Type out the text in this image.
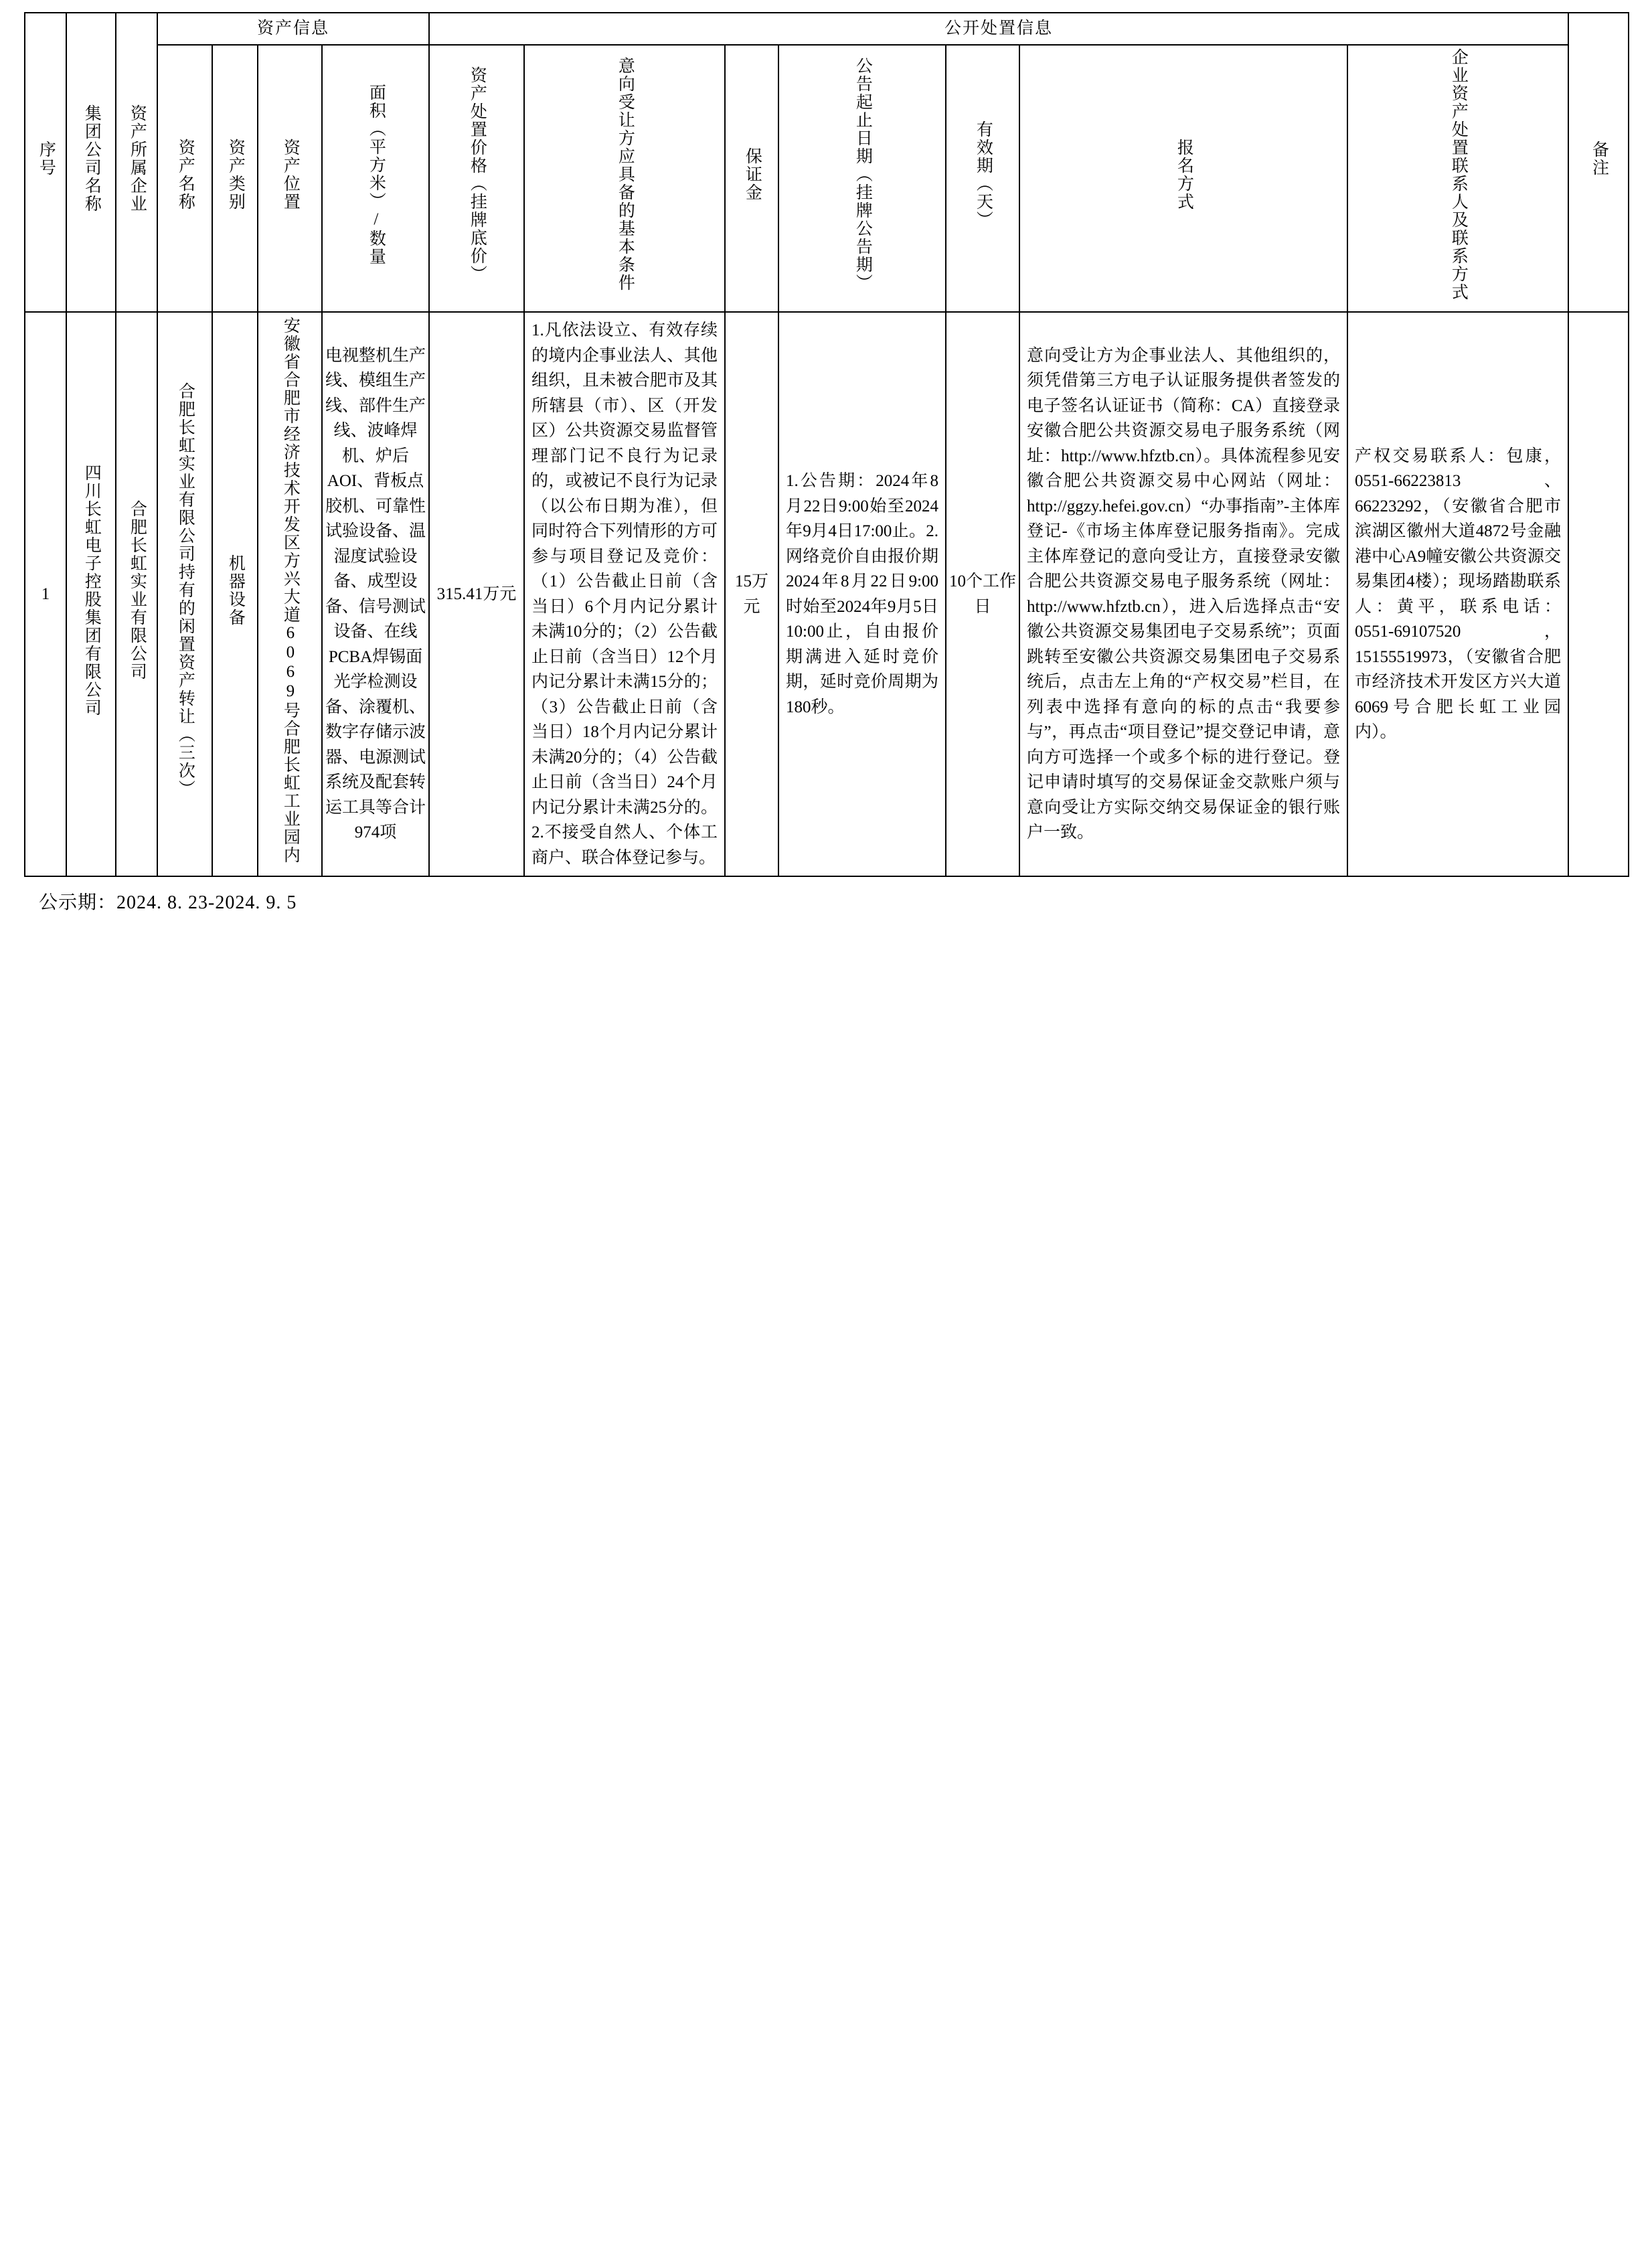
序号	集团公司名称	资产所属企业	资产信息				公开处置信息							备注
			资产名称	资产类别	资产位置	面积（平方米）/数量	资产处置价格（挂牌底价）	意向受让方应具备的基本条件	保证金	公告起止日期（挂牌公告期）	有效期（天）	报名方式	企业资产处置联系人及联系方式	
1	四川长虹电子控股集团有限公司	合肥长虹实业有限公司	合肥长虹实业有限公司持有的闲置资产转让（三次）	机器设备	安徽省合肥市经济技术开发区方兴大道6069号合肥长虹工业园内	电视整机生产线、模组生产线、部件生产线、波峰焊机、炉后AOI、背板点胶机、可靠性试验设备、温湿度试验设备、成型设备、信号测试设备、在线PCBA焊锡面光学检测设备、涂覆机、数字存储示波器、电源测试系统及配套转运工具等合计974项	315.41万元	1.凡依法设立、有效存续的境内企事业法人、其他组织，且未被合肥市及其所辖县（市）、区（开发区）公共资源交易监督管理部门记不良行为记录的，或被记不良行为记录（以公布日期为准），但同时符合下列情形的方可参与项目登记及竞价：（1）公告截止日前（含当日）6个月内记分累计未满10分的；（2）公告截止日前（含当日）12个月内记分累计未满15分的；（3）公告截止日前（含当日）18个月内记分累计未满20分的；（4）公告截止日前（含当日）24个月内记分累计未满25分的。2.不接受自然人、个体工商户、联合体登记参与。	15万元	1.公告期：2024年8月22日9:00始至2024年9月4日17:00止。2.网络竞价自由报价期2024年8月22日9:00时始至2024年9月5日10:00止，自由报价期满进入延时竞价期，延时竞价周期为180秒。	10个工作日	意向受让方为企事业法人、其他组织的，须凭借第三方电子认证服务提供者签发的电子签名认证证书（简称：CA）直接登录安徽合肥公共资源交易电子服务系统（网址：http://www.hfztb.cn）。具体流程参见安徽合肥公共资源交易中心网站（网址：http://ggzy.hefei.gov.cn）“办事指南”-主体库登记-《市场主体库登记服务指南》。完成主体库登记的意向受让方，直接登录安徽合肥公共资源交易电子服务系统（网址：http://www.hfztb.cn），进入后选择点击“安徽公共资源交易集团电子交易系统”；页面跳转至安徽公共资源交易集团电子交易系统后，点击左上角的“产权交易”栏目，在列表中选择有意向的标的点击“我要参与”，再点击“项目登记”提交登记申请，意向方可选择一个或多个标的进行登记。登记申请时填写的交易保证金交款账户须与意向受让方实际交纳交易保证金的银行账户一致。	产权交易联系人：包康，0551-66223813、66223292，（安徽省合肥市滨湖区徽州大道4872号金融港中心A9幢安徽公共资源交易集团4楼）；现场踏勘联系人：黄平，联系电话：0551-69107520，15155519973，（安徽省合肥市经济技术开发区方兴大道6069号合肥长虹工业园内）。	
公示期：2024. 8. 23-2024. 9. 5
